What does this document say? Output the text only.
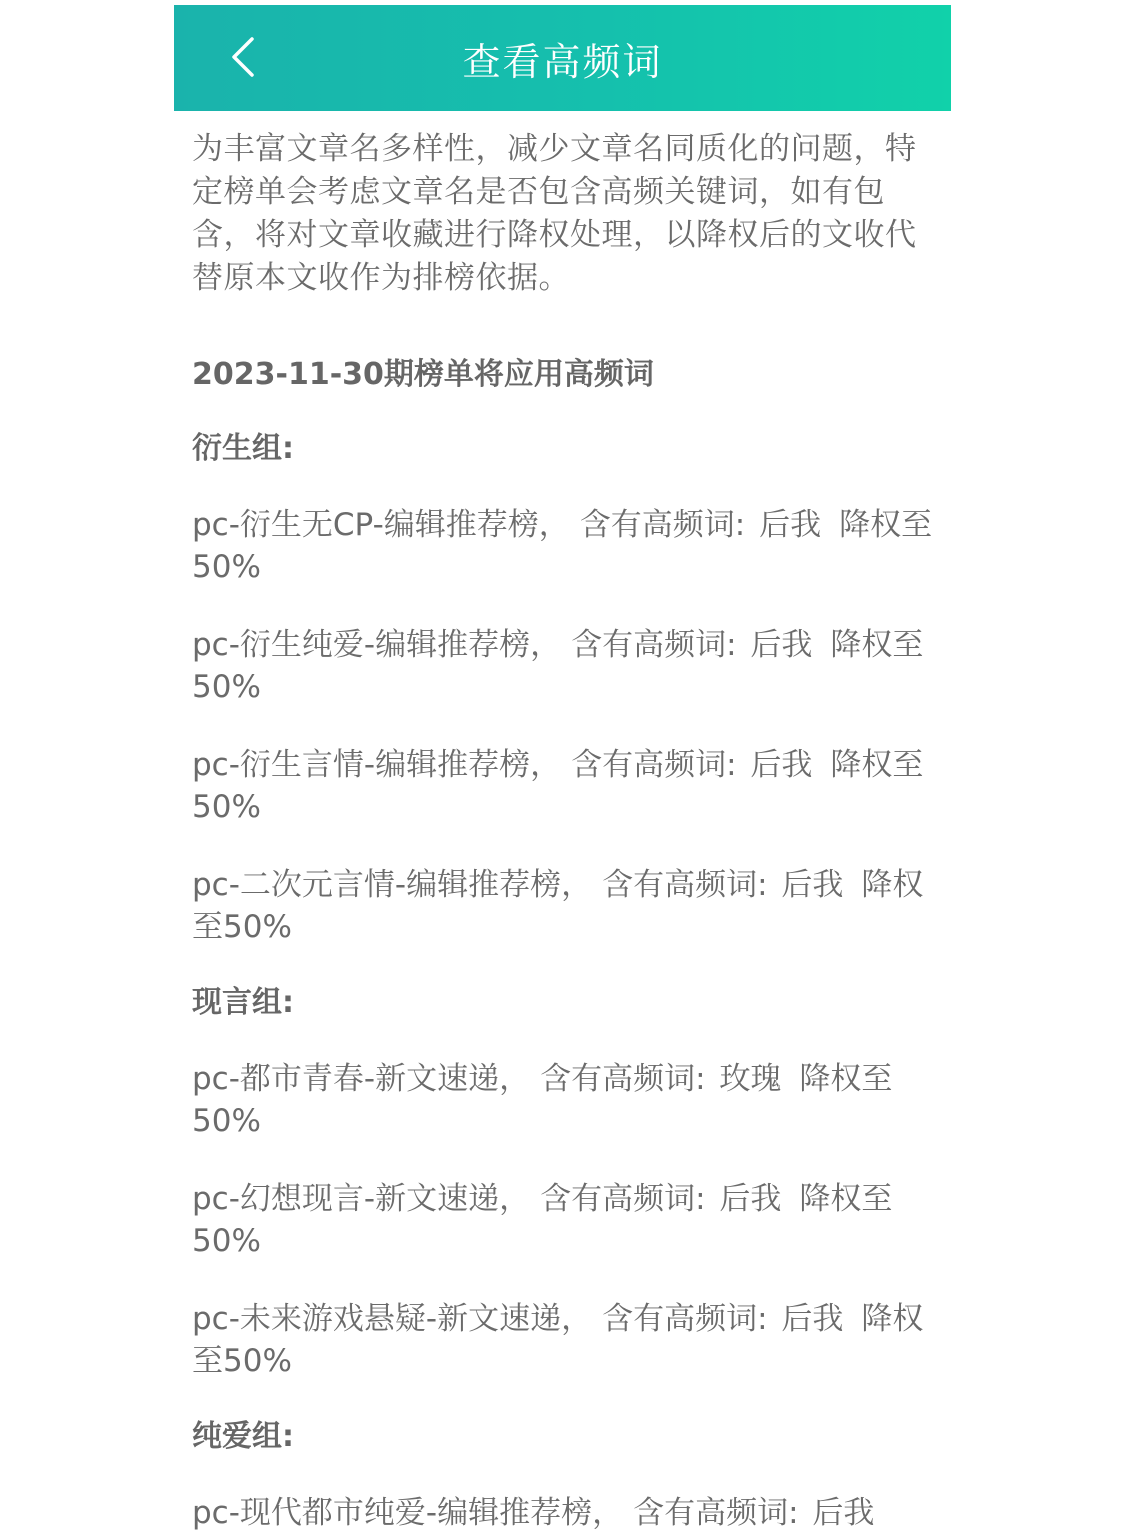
查看高频词

为丰富文章名多样性，减少文章名同质化的问题，特定榜单会考虑文章名是否包含高频关键词，如有包含，将对文章收藏进行降权处理，以降权后的文收代替原本文收作为排榜依据。

2023-11-30期榜单将应用高频词
衍生组:
pc-衍生无CP-编辑推荐榜， 含有高频词: 后我 降权至50%
pc-衍生纯爱-编辑推荐榜， 含有高频词: 后我 降权至50%
pc-衍生言情-编辑推荐榜， 含有高频词: 后我 降权至50%
pc-二次元言情-编辑推荐榜， 含有高频词: 后我 降权至50%
现言组:
pc-都市青春-新文速递， 含有高频词: 玫瑰 降权至50%
pc-幻想现言-新文速递， 含有高频词: 后我 降权至50%
pc-未来游戏悬疑-新文速递， 含有高频词: 后我 降权至50%
纯爱组:
pc-现代都市纯爱-编辑推荐榜， 含有高频词: 后我
